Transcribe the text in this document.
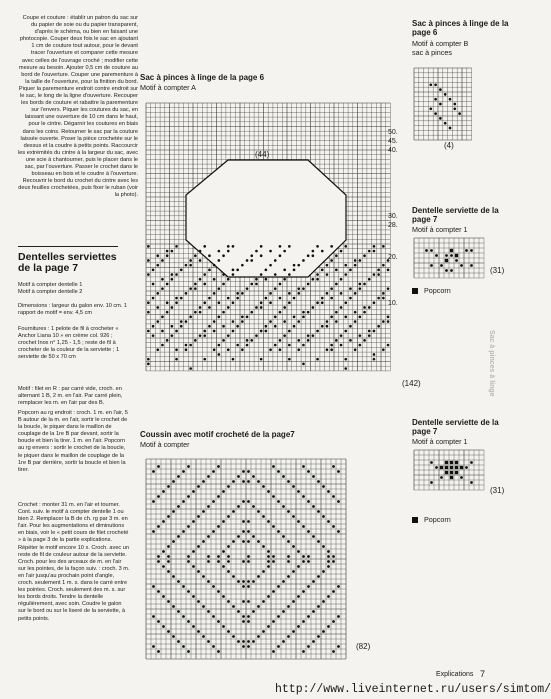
Coupe et couture : établir un patron du sac sur du papier de soie ou du papier transparent, d'après le schéma, ou bien en faisant une photocopie. Couper deux fois le sac en ajoutant 1 cm de couture tout autour, pour le devant tracer l'ouverture et comparer cette mesure avec celles de l'ouvrage croché ; modifier cette mesure au besoin. Ajouter 0,5 cm de couture au bord de l'ouverture. Couper une parementure à la taille de l'ouverture, pour la finition du bord. Piquer la parementure endroit contre endroit sur le sac, le long de la ligne d'ouverture. Recouper les bords de couture et rabattre la parementure sur l'envers. Piquer les coutures du sac, en laissant une ouverture de 10 cm dans le haut, pour le cintre. Dégarnir les coutures en biais dans les coins. Retourner le sac par la couture laissée ouverte. Poser la pièce crochetée sur le dessus et la coudre à petits points. Raccourcir les extrémités du cintre à la largeur du sac, avec une scie à chantourner, puis le placer dans le sac, par l'ouverture. Passer le crochet dans le boisseau en bois et le coudre à l'ouverture. Recouvrir le bord du crochet du cintre avec les deux feuilles crochetées, puis fixer le ruban (voir la photo).
Dentelles serviettes de la page 7
Motif à compter dentelle 1
Motif à compter dentelle 2
Dimensions : largeur du galon env. 10 cm. 1 rapport de motif = env. 4,5 cm
Fournitures : 1 pelote de fil à crocheter « Anchor Liana 10 » en crème col. 926 ; crochet Inox n° 1,25 - 1,5 ; reste de fil à crocheter de la couleur de la serviette ; 1 serviette de 50 x 70 cm
Motif : filet en R : par carré vide, croch. en alternant 1 B, 2 m. en l'air. Par carré plein, remplacer les m. en l'air par des B.
Popcorn au rg endroit : croch. 1 m. en l'air, 5 B autour de la m. en l'air, sortir le crochet de la boucle, le piquer dans le maillon de couplage de la 1re B par devant, sortir la boucle et bien la tirer. 1 m. en l'air. Popcorn au rg envers : sortir le crochet de la boucle, le piquer dans le maillon de couplage de la 1re B par derrière, sortir la boucle et bien la tirer.
Crochet : monter 31 m. en l'air et tourner. Cont. suiv. le motif à compter dentelle 1 ou bien 2. Remplacer la B de ch. rg par 3 m. en l'air. Pour les augmentations et diminutions en biais, voir le « petit cours de filet crocheté » à la page 3 de la partie explications. Répéter le motif encore 10 x. Croch. avec un reste de fil de couleur autour de la serviette. Croch. pour les des arceaux de m. en l'air sur les pointes, de la façon suiv. : croch. 3 m. en l'air jusqu'au prochain point d'angle, croch. seulement 1 m. s. dans le carré entre les pointes. Croch. seulement des m. s. sur les bords droits. Tendre la dentelle régulièrement, avec soin. Coudre le galon sur le bord ou sur le liseré de la serviette, à petits points.
Sac à pinces à linge de la page 6
Motif à compter A
(44)
(142)
50.
45.
40.
30.
28.
20.
10.
Coussin avec motif crocheté de la page7
Motif à compter
(82)
Sac à pinces à linge de la page 6
Motif à compter B
sac à pinces
(4)
Dentelle serviette de la page 7
Motif à compter 1
(31)
Popcorn
Dentelle serviette de la page 7
Motif à compter 1
(31)
Popcorn
Sac à pinces à linge
Explications 7
http://www.liveinternet.ru/users/simtom/
